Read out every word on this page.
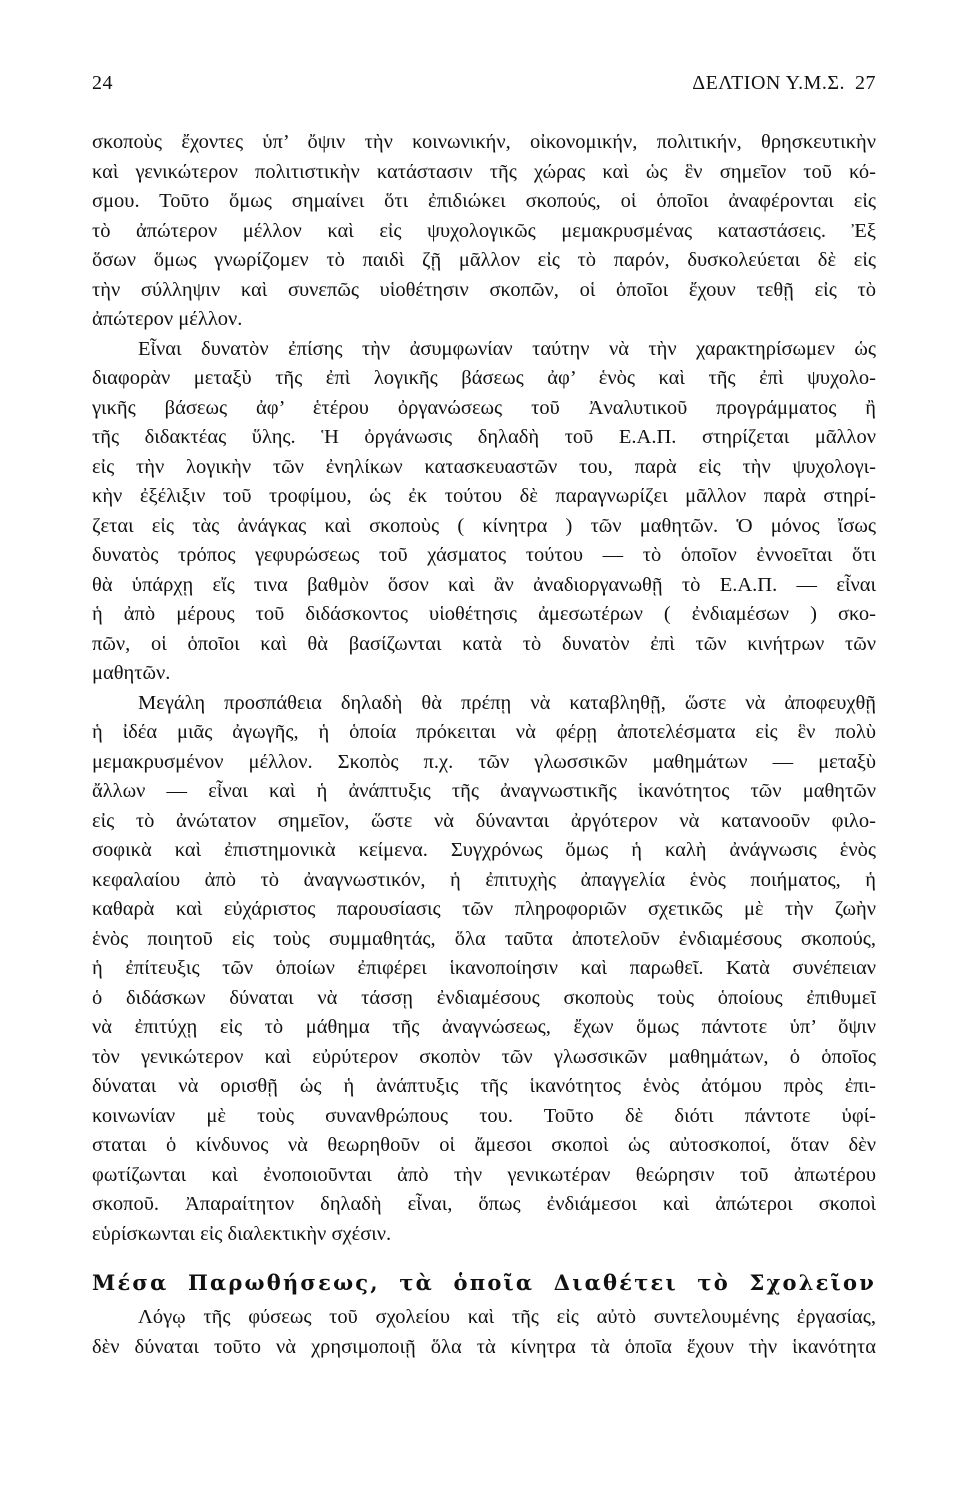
24	ΔΕΛΤΙΟΝ Υ.Μ.Σ. 27
σκοποὺς ἔχοντες ὑπ’ ὄψιν τὴν κοινωνικήν, οἰκονομικήν, πολιτικήν, θρησκευτικὴν
καὶ γενικώτερον πολιτιστικὴν κατάστασιν τῆς χώρας καὶ ὡς ἓν σημεῖον τοῦ κό-
σμου. Τοῦτο ὅμως σημαίνει ὅτι ἐπιδιώκει σκοπούς, οἱ ὁποῖοι ἀναφέρονται εἰς
τὸ ἀπώτερον μέλλον καὶ εἰς ψυχολογικῶς μεμακρυσμένας καταστάσεις. Ἐξ
ὅσων ὅμως γνωρίζομεν τὸ παιδὶ ζῇ μᾶλλον εἰς τὸ παρόν, δυσκολεύεται δὲ εἰς
τὴν σύλληψιν καὶ συνεπῶς υἱοθέτησιν σκοπῶν, οἱ ὁποῖοι ἔχουν τεθῇ εἰς τὸ
ἀπώτερον μέλλον.
Εἶναι δυνατὸν ἐπίσης τὴν ἀσυμφωνίαν ταύτην νὰ τὴν χαρακτηρίσωμεν ὡς
διαφορὰν μεταξὺ τῆς ἐπὶ λογικῆς βάσεως ἀφ’ ἑνὸς καὶ τῆς ἐπὶ ψυχολο-
γικῆς βάσεως ἀφ’ ἑτέρου ὀργανώσεως τοῦ Ἀναλυτικοῦ προγράμματος ἢ
τῆς διδακτέας ὕλης. Ἡ ὀργάνωσις δηλαδὴ τοῦ Ε.Α.Π. στηρίζεται μᾶλλον
εἰς τὴν λογικὴν τῶν ἐνηλίκων κατασκευαστῶν του, παρὰ εἰς τὴν ψυχολογι-
κὴν ἐξέλιξιν τοῦ τροφίμου, ὡς ἐκ τούτου δὲ παραγνωρίζει μᾶλλον παρὰ στηρί-
ζεται εἰς τὰς ἀνάγκας καὶ σκοποὺς ( κίνητρα ) τῶν μαθητῶν. Ὁ μόνος ἴσως
δυνατὸς τρόπος γεφυρώσεως τοῦ χάσματος τούτου — τὸ ὁποῖον ἐννοεῖται ὅτι
θὰ ὑπάρχῃ εἴς τινα βαθμὸν ὅσον καὶ ἂν ἀναδιοργανωθῇ τὸ Ε.Α.Π. — εἶναι
ἡ ἀπὸ μέρους τοῦ διδάσκοντος υἱοθέτησις ἀμεσωτέρων ( ἐνδιαμέσων ) σκο-
πῶν, οἱ ὁποῖοι καὶ θὰ βασίζωνται κατὰ τὸ δυνατὸν ἐπὶ τῶν κινήτρων τῶν
μαθητῶν.
Μεγάλη προσπάθεια δηλαδὴ θὰ πρέπῃ νὰ καταβληθῇ, ὥστε νὰ ἀποφευχθῇ
ἡ ἰδέα μιᾶς ἀγωγῆς, ἡ ὁποία πρόκειται νὰ φέρῃ ἀποτελέσματα εἰς ἓν πολὺ
μεμακρυσμένον μέλλον. Σκοπὸς π.χ. τῶν γλωσσικῶν μαθημάτων — μεταξὺ
ἄλλων — εἶναι καὶ ἡ ἀνάπτυξις τῆς ἀναγνωστικῆς ἱκανότητος τῶν μαθητῶν
εἰς τὸ ἀνώτατον σημεῖον, ὥστε νὰ δύνανται ἀργότερον νὰ κατανοοῦν φιλο-
σοφικὰ καὶ ἐπιστημονικὰ κείμενα. Συγχρόνως ὅμως ἡ καλὴ ἀνάγνωσις ἑνὸς
κεφαλαίου ἀπὸ τὸ ἀναγνωστικόν, ἡ ἐπιτυχὴς ἀπαγγελία ἑνὸς ποιήματος, ἡ
καθαρὰ καὶ εὐχάριστος παρουσίασις τῶν πληροφοριῶν σχετικῶς μὲ τὴν ζωὴν
ἑνὸς ποιητοῦ εἰς τοὺς συμμαθητάς, ὅλα ταῦτα ἀποτελοῦν ἐνδιαμέσους σκοπούς,
ἡ ἐπίτευξις τῶν ὁποίων ἐπιφέρει ἱκανοποίησιν καὶ παρωθεῖ. Κατὰ συνέπειαν
ὁ διδάσκων δύναται νὰ τάσσῃ ἐνδιαμέσους σκοποὺς τοὺς ὁποίους ἐπιθυμεῖ
νὰ ἐπιτύχῃ εἰς τὸ μάθημα τῆς ἀναγνώσεως, ἔχων ὅμως πάντοτε ὑπ’ ὄψιν
τὸν γενικώτερον καὶ εὐρύτερον σκοπὸν τῶν γλωσσικῶν μαθημάτων, ὁ ὁποῖος
δύναται νὰ ορισθῇ ὡς ἡ ἀνάπτυξις τῆς ἱκανότητος ἑνὸς ἀτόμου πρὸς ἐπι-
κοινωνίαν μὲ τοὺς συνανθρώπους του. Τοῦτο δὲ διότι πάντοτε ὑφί-
σταται ὁ κίνδυνος νὰ θεωρηθοῦν οἱ ἄμεσοι σκοποὶ ὡς αὐτοσκοποί, ὅταν δὲν
φωτίζωνται καὶ ἐνοποιοῦνται ἀπὸ τὴν γενικωτέραν θεώρησιν τοῦ ἀπωτέρου
σκοποῦ. Ἀπαραίτητον δηλαδὴ εἶναι, ὅπως ἐνδιάμεσοι καὶ ἀπώτεροι σκοποὶ
εὑρίσκωνται εἰς διαλεκτικὴν σχέσιν.
Μέσα Παρωθήσεως, τὰ ὁποῖα Διαθέτει τὸ Σχολεῖον
Λόγῳ τῆς φύσεως τοῦ σχολείου καὶ τῆς εἰς αὐτὸ συντελουμένης ἐργασίας,
δὲν δύναται τοῦτο νὰ χρησιμοποιῇ ὅλα τὰ κίνητρα τὰ ὁποῖα ἔχουν τὴν ἱκανότητα
